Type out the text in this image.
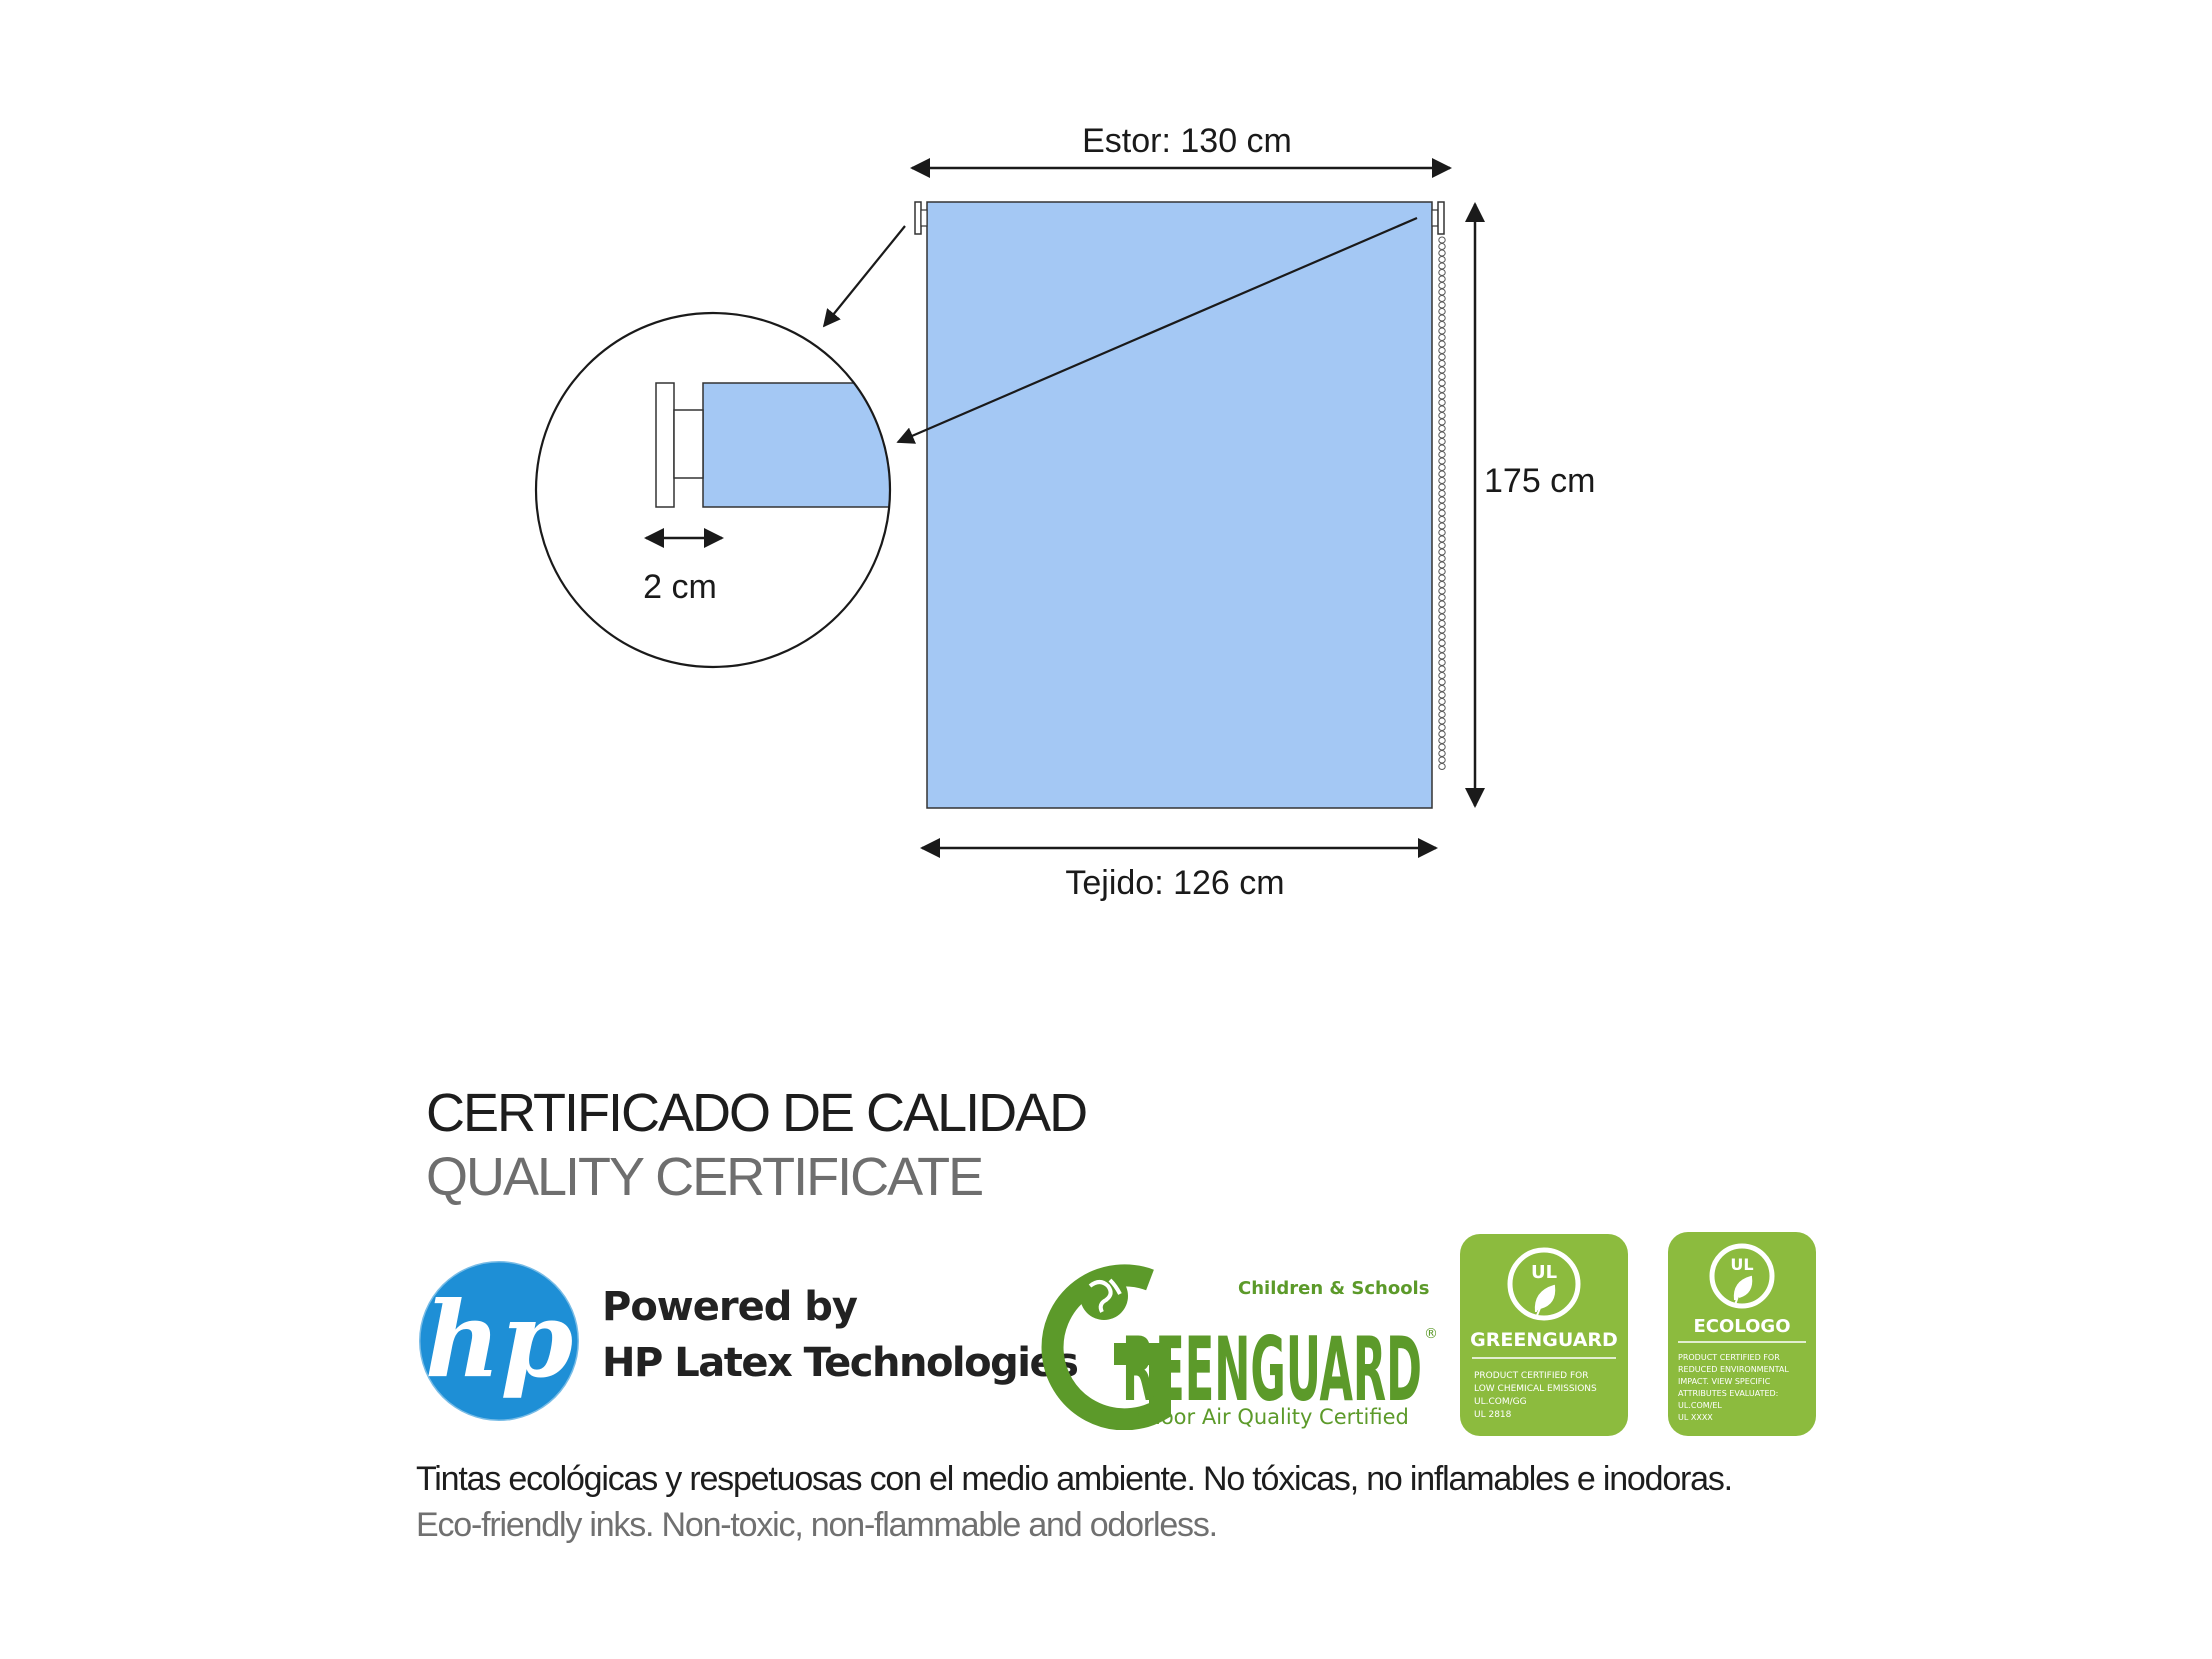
Estor: 130 cm
175 cm
Tejido: 126 cm
2 cm
CERTIFICADO DE CALIDAD
QUALITY CERTIFICATE
hp Powered by
HP Latex Technologies
Children & Schools
REENGUARD ®
Indoor Air Quality Certified
UL
GREENGUARD
PRODUCT CERTIFIED FOR
LOW CHEMICAL EMISSIONS
UL.COM/GG
UL 2818
UL
ECOLOGO
PRODUCT CERTIFIED FOR
REDUCED ENVIRONMENTAL
IMPACT. VIEW SPECIFIC
ATTRIBUTES EVALUATED:
UL.COM/EL
UL XXXX
Tintas ecológicas y respetuosas con el medio ambiente. No tóxicas, no inflamables e inodoras.
Eco-friendly inks. Non-toxic, non-flammable and odorless.
